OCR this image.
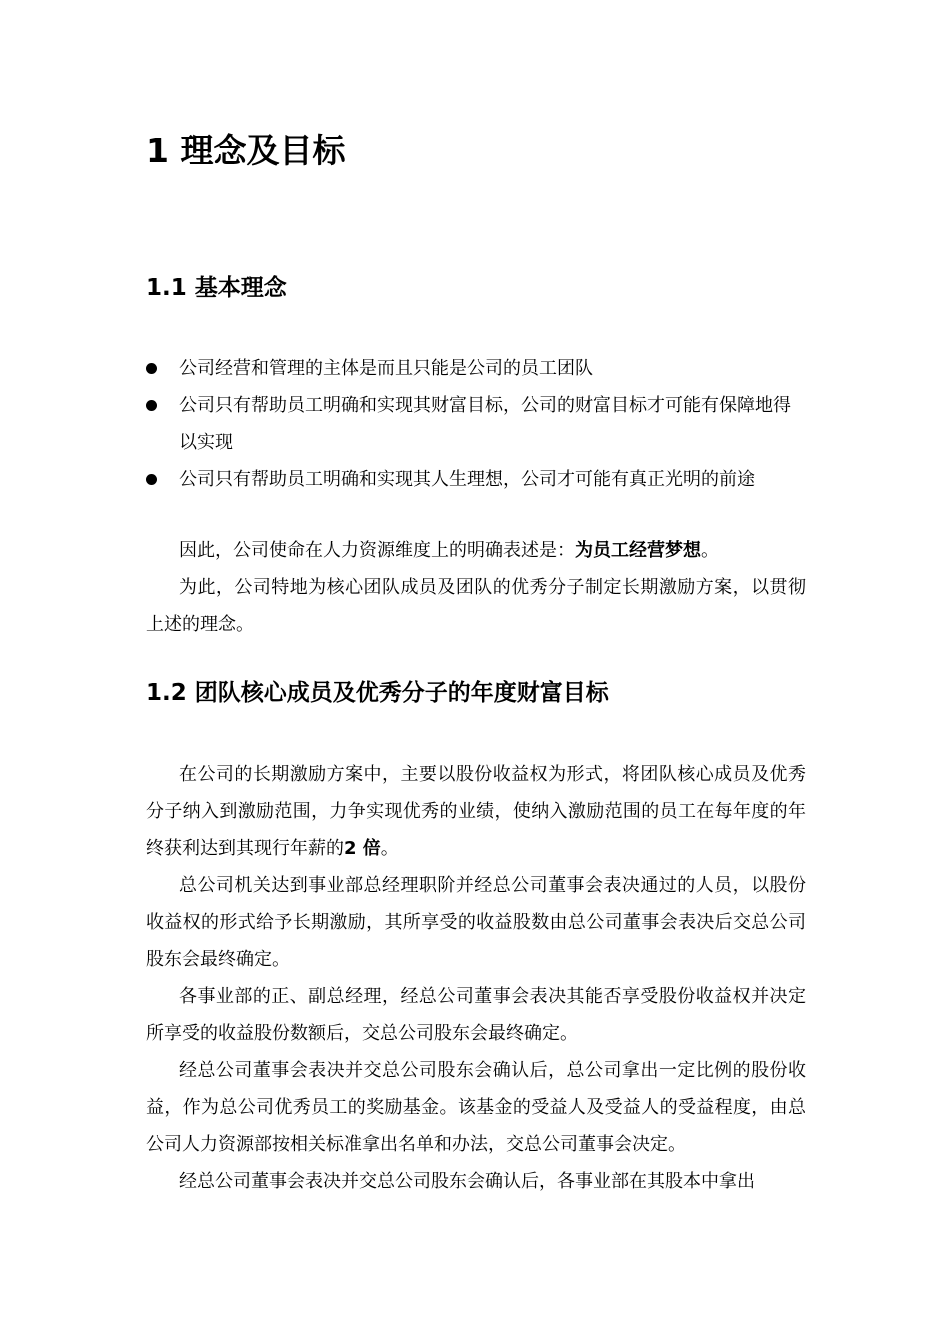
1 理念及目标
1.1 基本理念
公司经营和管理的主体是而且只能是公司的员工团队
公司只有帮助员工明确和实现其财富目标，公司的财富目标才可能有保障地得以实现
公司只有帮助员工明确和实现其人生理想，公司才可能有真正光明的前途

因此，公司使命在人力资源维度上的明确表述是：为员工经营梦想。

为此，公司特地为核心团队成员及团队的优秀分子制定长期激励方案，以贯彻上述的理念。

1.2 团队核心成员及优秀分子的年度财富目标

在公司的长期激励方案中，主要以股份收益权为形式，将团队核心成员及优秀分子纳入到激励范围，力争实现优秀的业绩，使纳入激励范围的员工在每年度的年终获利达到其现行年薪的2 倍。

总公司机关达到事业部总经理职阶并经总公司董事会表决通过的人员，以股份收益权的形式给予长期激励，其所享受的收益股数由总公司董事会表决后交总公司股东会最终确定。

各事业部的正、副总经理，经总公司董事会表决其能否享受股份收益权并决定所享受的收益股份数额后，交总公司股东会最终确定。

经总公司董事会表决并交总公司股东会确认后，总公司拿出一定比例的股份收益，作为总公司优秀员工的奖励基金。该基金的受益人及受益人的受益程度，由总公司人力资源部按相关标准拿出名单和办法，交总公司董事会决定。

经总公司董事会表决并交总公司股东会确认后，各事业部在其股本中拿出
